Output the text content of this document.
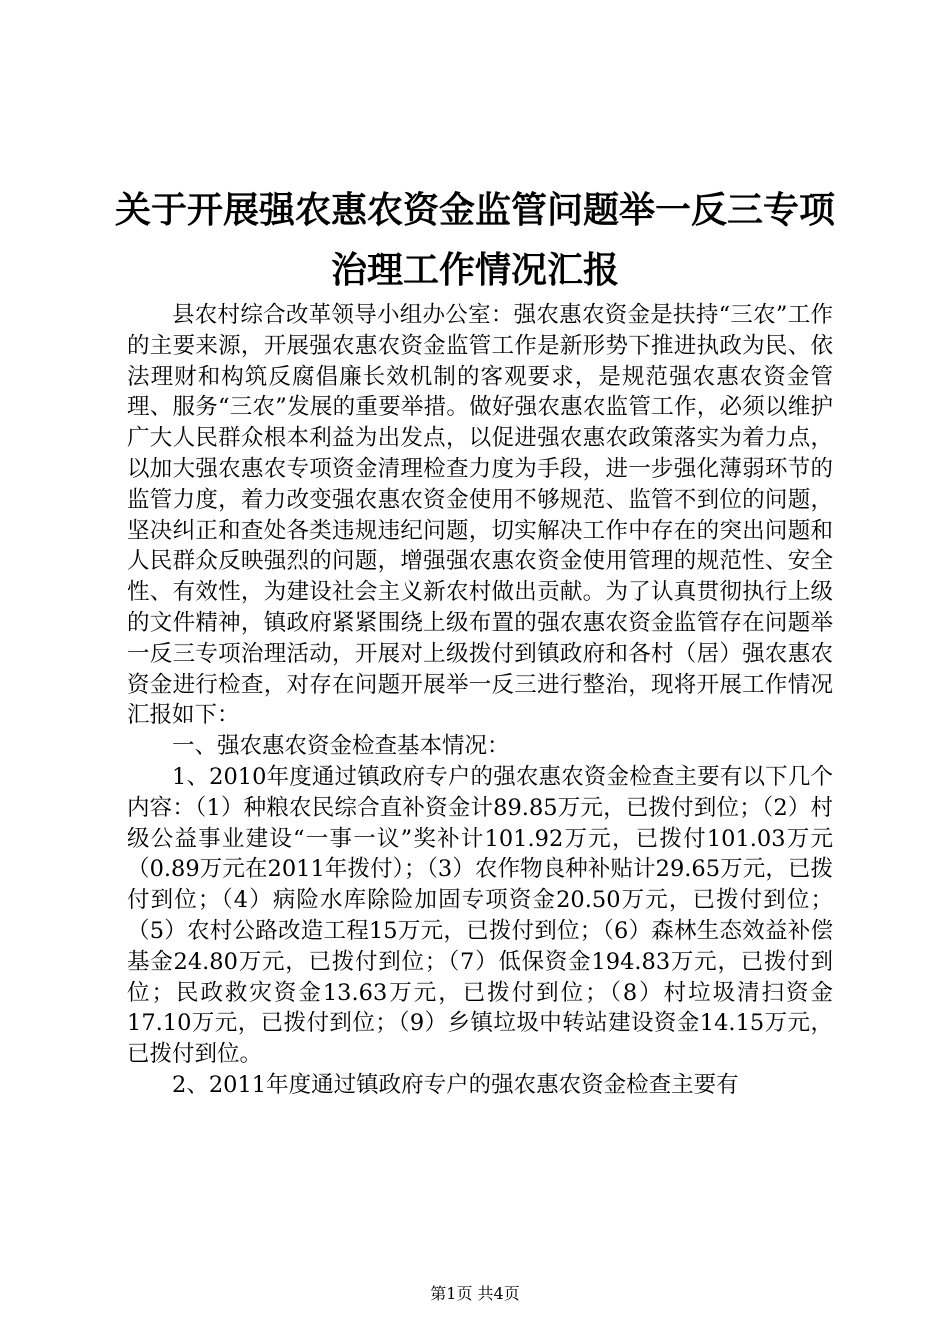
关于开展强农惠农资金监管问题举一反三专项
治理工作情况汇报

县农村综合改革领导小组办公室：强农惠农资金是扶持“三农”工作的主要来源，开展强农惠农资金监管工作是新形势下推进执政为民、依法理财和构筑反腐倡廉长效机制的客观要求，是规范强农惠农资金管理、服务“三农”发展的重要举措。做好强农惠农监管工作，必须以维护广大人民群众根本利益为出发点，以促进强农惠农政策落实为着力点，以加大强农惠农专项资金清理检查力度为手段，进一步强化薄弱环节的监管力度，着力改变强农惠农资金使用不够规范、监管不到位的问题，坚决纠正和查处各类违规违纪问题，切实解决工作中存在的突出问题和人民群众反映强烈的问题，增强强农惠农资金使用管理的规范性、安全性、有效性，为建设社会主义新农村做出贡献。为了认真贯彻执行上级的文件精神，镇政府紧紧围绕上级布置的强农惠农资金监管存在问题举一反三专项治理活动，开展对上级拨付到镇政府和各村（居）强农惠农资金进行检查，对存在问题开展举一反三进行整治，现将开展工作情况汇报如下：

一、强农惠农资金检查基本情况：

1、2010年度通过镇政府专户的强农惠农资金检查主要有以下几个内容：（1）种粮农民综合直补资金计89.85万元，已拨付到位；（2）村级公益事业建设“一事一议”奖补计101.92万元，已拨付101.03万元（0.89万元在2011年拨付）；（3）农作物良种补贴计29.65万元，已拨付到位；（4）病险水库除险加固专项资金20.50万元，已拨付到位；（5）农村公路改造工程15万元，已拨付到位；（6）森林生态效益补偿基金24.80万元，已拨付到位；（7）低保资金194.83万元，已拨付到位；民政救灾资金13.63万元，已拨付到位；（8）村垃圾清扫资金17.10万元，已拨付到位；（9）乡镇垃圾中转站建设资金14.15万元，已拨付到位。

2、2011年度通过镇政府专户的强农惠农资金检查主要有

第1页 共4页
